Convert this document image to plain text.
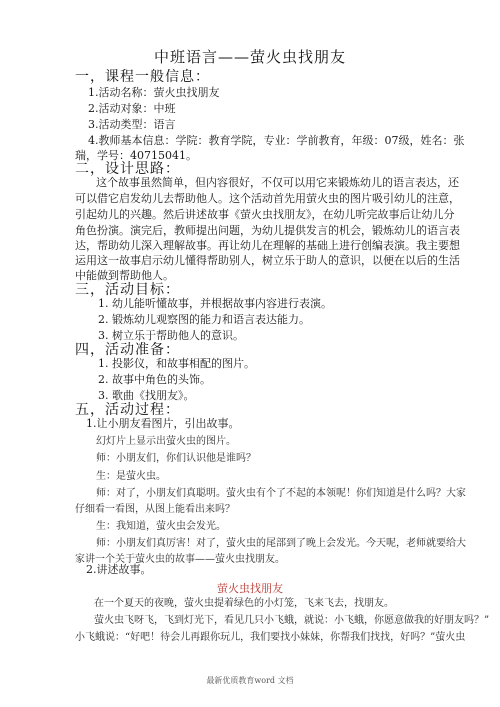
中班语言——萤火虫找朋友
一，课程一般信息：
1.活动名称：萤火虫找朋友
2.活动对象：中班
3.活动类型：语言
4.教师基本信息：学院：教育学院，专业：学前教育，年级：07级，姓名：张
瑞，学号：40715041。
二，设计思路：
这个故事虽然简单，但内容很好，不仅可以用它来锻炼幼儿的语言表达，还
可以借它启发幼儿去帮助他人。这个活动首先用萤火虫的图片吸引幼儿的注意，
引起幼儿的兴趣。然后讲述故事《萤火虫找朋友》，在幼儿听完故事后让幼儿分
角色扮演。演完后，教师提出问题，为幼儿提供发言的机会，锻炼幼儿的语言表
达，帮助幼儿深入理解故事。再让幼儿在理解的基础上进行创编表演。我主要想
运用这一故事启示幼儿懂得帮助别人，树立乐于助人的意识，以便在以后的生活
中能做到帮助他人。
三，活动目标：
1. 幼儿能听懂故事，并根据故事内容进行表演。
2. 锻炼幼儿观察图的能力和语言表达能力。
3. 树立乐于帮助他人的意识。
四，活动准备：
1. 投影仪，和故事相配的图片。
2. 故事中角色的头饰。
3. 歌曲《找朋友》。
五，活动过程：
1.让小朋友看图片，引出故事。
幻灯片上显示出萤火虫的图片。
师：小朋友们，你们认识他是谁吗？
生：是萤火虫。
师：对了，小朋友们真聪明。萤火虫有个了不起的本领呢！你们知道是什么吗？大家
仔细看一看图，从图上能看出来吗？
生：我知道，萤火虫会发光。
师：小朋友们真厉害！对了，萤火虫的尾部到了晚上会发光。今天呢，老师就要给大
家讲一个关于萤火虫的故事——萤火虫找朋友。
2.讲述故事。
萤火虫找朋友
在一个夏天的夜晚，萤火虫提着绿色的小灯笼，飞来飞去，找朋友。
萤火虫飞呀飞，飞到灯光下，看见几只小飞蛾，就说：小飞蛾，你愿意做我的好朋友吗？”
小飞蛾说：“好吧！待会儿再跟你玩儿，我们要找小妹妹，你帮我们找找，好吗？”萤火虫
最新优质教育word 文档
